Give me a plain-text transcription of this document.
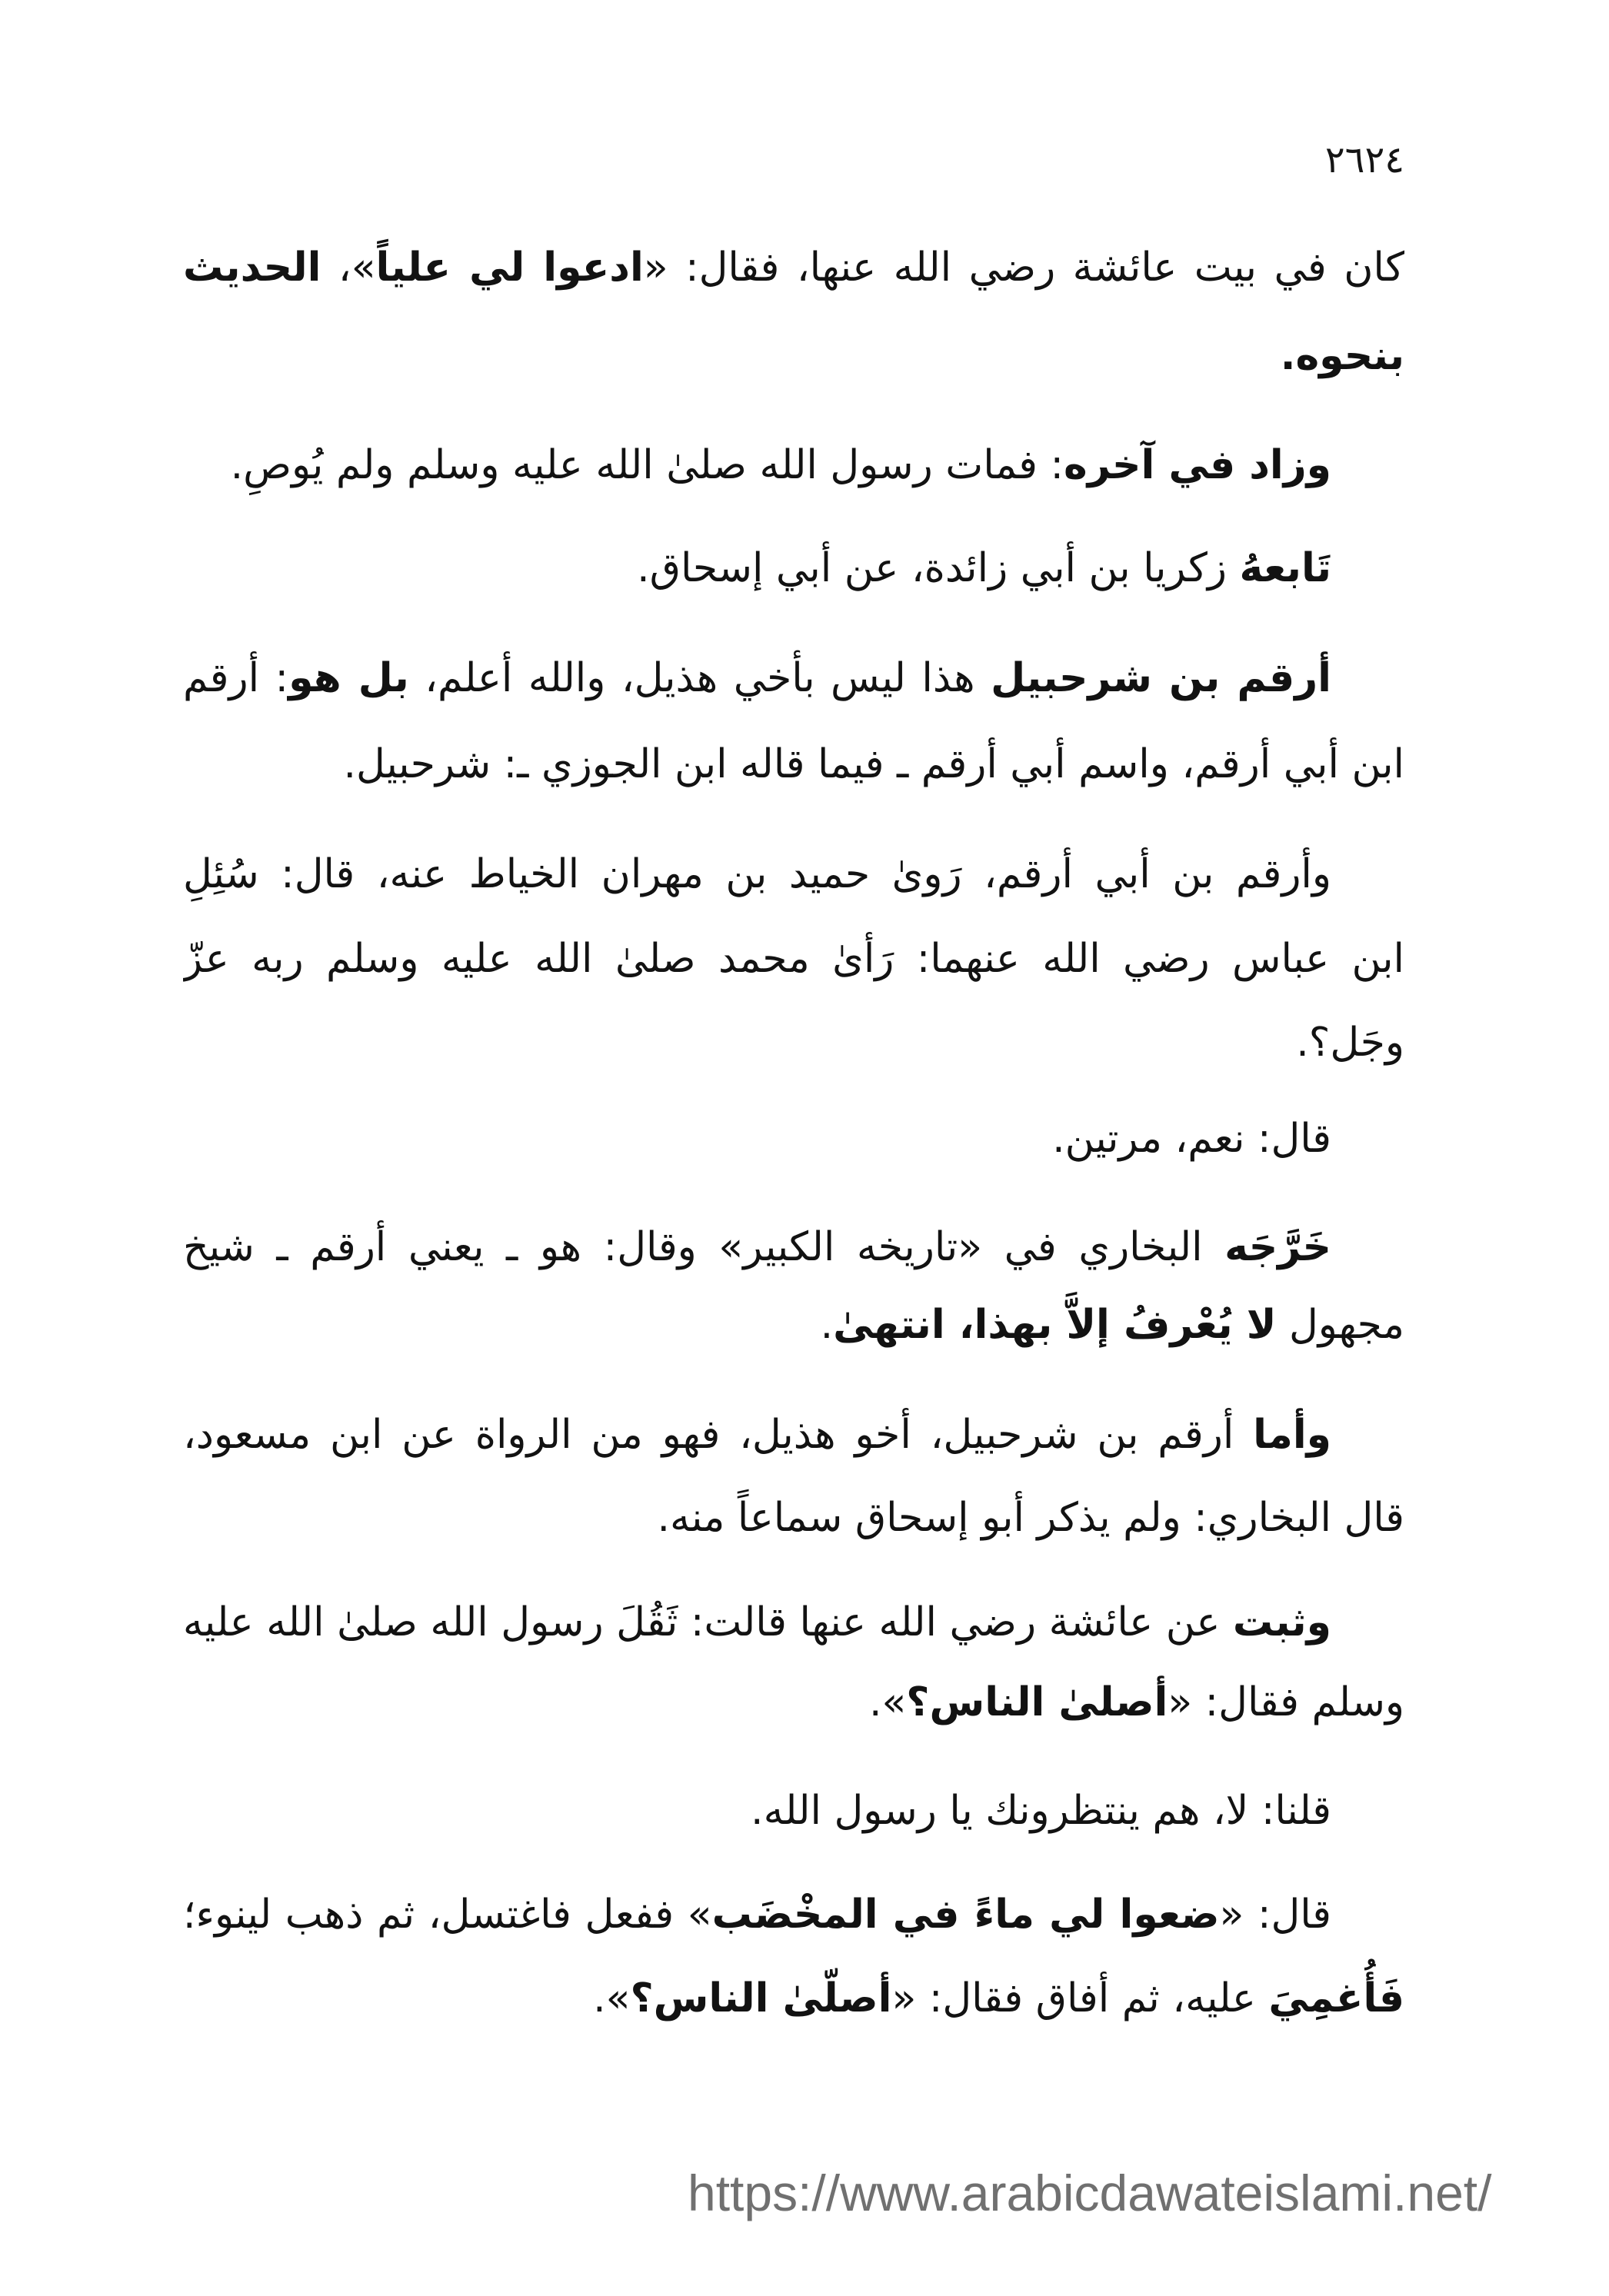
٢٦٢٤
كان في بيت عائشة رضي الله عنها، فقال: «ادعوا لي علياً»، الحديث
بنحوه.
وزاد في آخره: فمات رسول الله صلىٰ الله عليه وسلم ولم يُوصِ.
تَابعهُ زكريا بن أبي زائدة، عن أبي إسحاق.
أرقم بن شرحبيل هذا ليس بأخي هذيل، والله أعلم، بل هو: أرقم
ابن أبي أرقم، واسم أبي أرقم ـ فيما قاله ابن الجوزي ـ: شرحبيل.
وأرقم بن أبي أرقم، رَوىٰ حميد بن مهران الخياط عنه، قال: سُئِلِ
ابن عباس رضي الله عنهما: رَأىٰ محمد صلىٰ الله عليه وسلم ربه عزّ
وجَل؟.
قال: نعم، مرتين.
خَرَّجَه البخاري في «تاريخه الكبير» وقال: هو ـ يعني أرقم ـ شيخ
مجهول لا يُعْرفُ إلاَّ بهذا، انتهىٰ.
وأما أرقم بن شرحبيل، أخو هذيل، فهو من الرواة عن ابن مسعود،
قال البخاري: ولم يذكر أبو إسحاق سماعاً منه.
وثبت عن عائشة رضي الله عنها قالت: ثَقُلَ رسول الله صلىٰ الله عليه
وسلم فقال: «أصلىٰ الناس؟».
قلنا: لا، هم ينتظرونك يا رسول الله.
قال: «ضعوا لي ماءً في المخْضَب» ففعل فاغتسل، ثم ذهب لينوء؛
فَأُغمِيَ عليه، ثم أفاق فقال: «أصلّىٰ الناس؟».
https://www.arabicdawateislami.net/
